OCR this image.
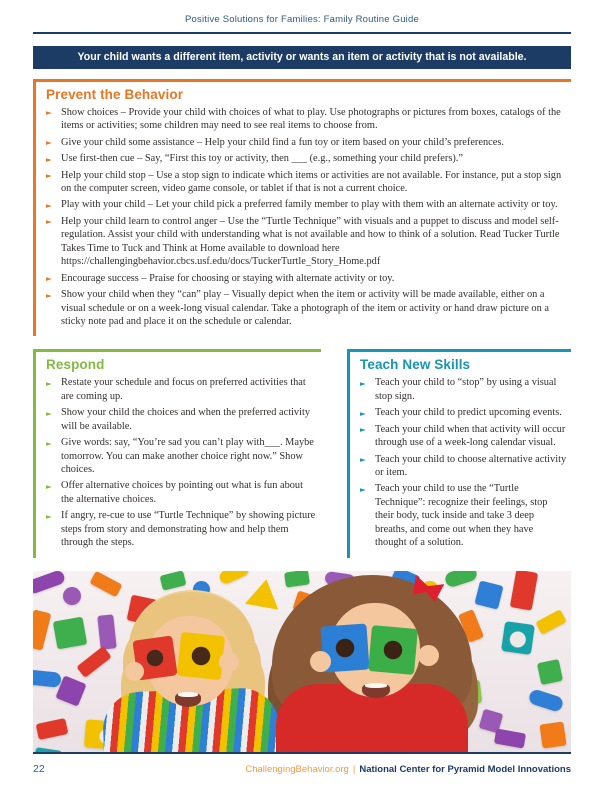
Positive Solutions for Families: Family Routine Guide
Your child wants a different item, activity or wants an item or activity that is not available.
Prevent the Behavior
► Show choices – Provide your child with choices of what to play. Use photographs or pictures from boxes, catalogs of the items or activities; some children may need to see real items to choose from.
► Give your child some assistance – Help your child find a fun toy or item based on your child’s preferences.
► Use first-then cue – Say, “First this toy or activity, then ___ (e.g., something your child prefers).”
► Help your child stop – Use a stop sign to indicate which items or activities are not available. For instance, put a stop sign on the computer screen, video game console, or tablet if that is not a current choice.
► Play with your child – Let your child pick a preferred family member to play with them with an alternate activity or toy.
► Help your child learn to control anger – Use the “Turtle Technique” with visuals and a puppet to discuss and model self-regulation. Assist your child with understanding what is not available and how to think of a solution. Read Tucker Turtle Takes Time to Tuck and Think at Home available to download here https://challengingbehavior.cbcs.usf.edu/docs/TuckerTurtle_Story_Home.pdf
► Encourage success – Praise for choosing or staying with alternate activity or toy.
► Show your child when they “can” play – Visually depict when the item or activity will be made available, either on a visual schedule or on a week-long visual calendar. Take a photograph of the item or activity or hand draw picture on a sticky note pad and place it on the schedule or calendar.
Respond
► Restate your schedule and focus on preferred activities that are coming up.
► Show your child the choices and when the preferred activity will be available.
► Give words: say, “You’re sad you can’t play with___. Maybe tomorrow. You can make another choice right now.” Show choices.
► Offer alternative choices by pointing out what is fun about the alternative choices.
► If angry, re-cue to use “Turtle Technique” by showing picture steps from story and demonstrating how and help them through the steps.
Teach New Skills
► Teach your child to “stop” by using a visual stop sign.
► Teach your child to predict upcoming events.
► Teach your child when that activity will occur through use of a week-long calendar visual.
► Teach your child to choose alternative activity or item.
► Teach your child to use the “Turtle Technique”: recognize their feelings, stop their body, tuck inside and take 3 deep breaths, and come out when they have thought of a solution.
22	ChallengingBehavior.org | National Center for Pyramid Model Innovations
